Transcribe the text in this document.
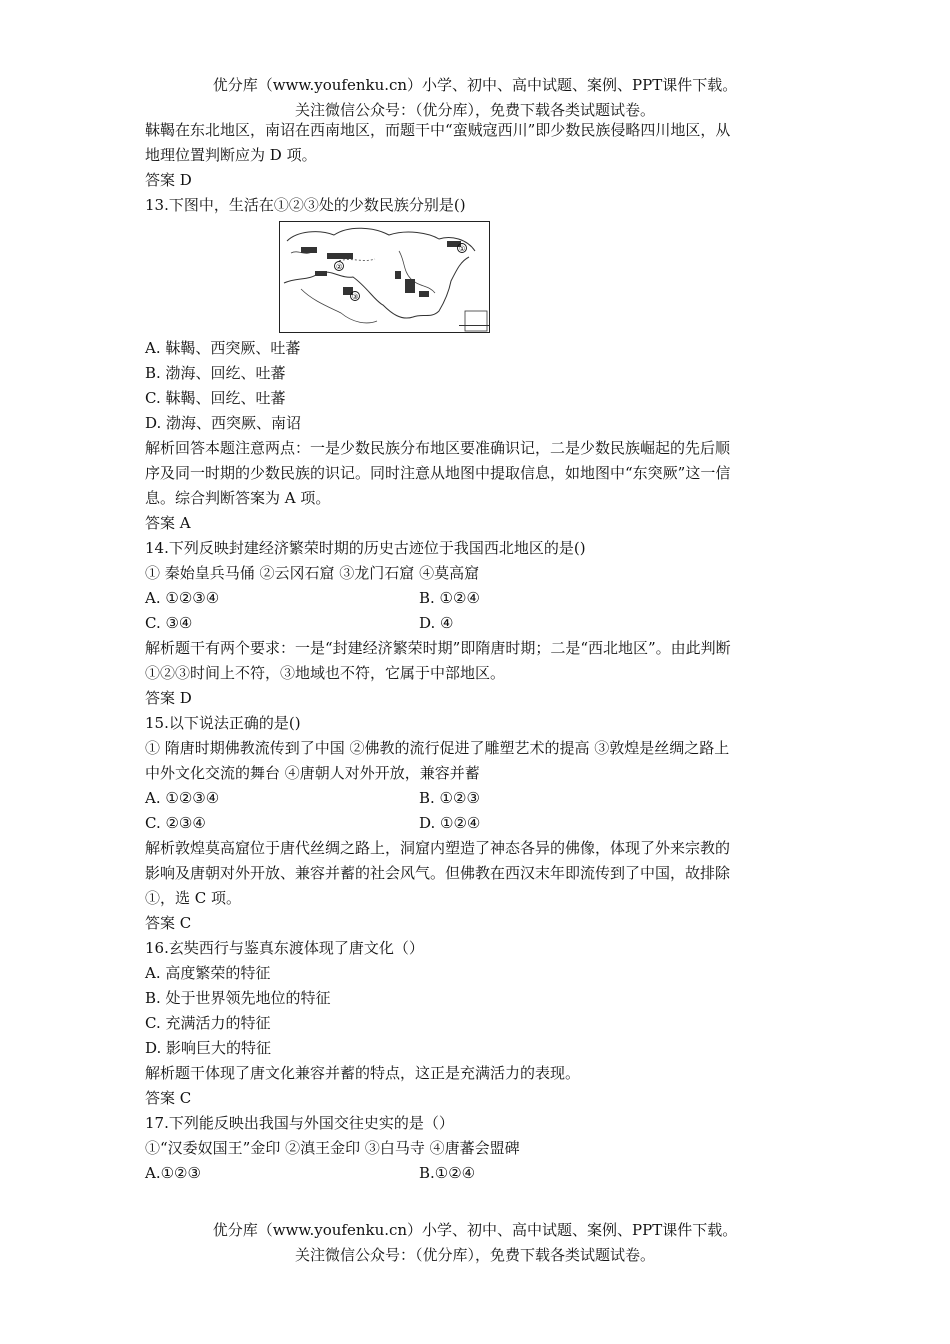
优分库（www.youfenku.cn）小学、初中、高中试题、案例、PPT课件下载。
关注微信公众号：（优分库），免费下载各类试题试卷。

靺鞨在东北地区，南诏在西南地区，而题干中“蛮贼寇西川”即少数民族侵略四川地区，从

地理位置判断应为 D 项。

答案 D

13.下图中，生活在①②③处的少数民族分别是()

①
②
③

A. 靺鞨、西突厥、吐蕃

B. 渤海、回纥、吐蕃

C. 靺鞨、回纥、吐蕃

D. 渤海、西突厥、南诏

解析回答本题注意两点：一是少数民族分布地区要准确识记，二是少数民族崛起的先后顺

序及同一时期的少数民族的识记。同时注意从地图中提取信息，如地图中“东突厥”这一信

息。综合判断答案为 A 项。

答案 A

14.下列反映封建经济繁荣时期的历史古迹位于我国西北地区的是()

① 秦始皇兵马俑 ②云冈石窟 ③龙门石窟 ④莫高窟

A. ①②③④	B. ①②④
C. ③④	D. ④

解析题干有两个要求：一是“封建经济繁荣时期”即隋唐时期；二是“西北地区”。由此判断

①②③时间上不符，③地域也不符，它属于中部地区。

答案 D

15.以下说法正确的是()

① 隋唐时期佛教流传到了中国 ②佛教的流行促进了雕塑艺术的提高 ③敦煌是丝绸之路上

中外文化交流的舞台 ④唐朝人对外开放，兼容并蓄

A. ①②③④	B. ①②③
C. ②③④	D. ①②④

解析敦煌莫高窟位于唐代丝绸之路上，洞窟内塑造了神态各异的佛像，体现了外来宗教的

影响及唐朝对外开放、兼容并蓄的社会风气。但佛教在西汉末年即流传到了中国，故排除

①，选 C 项。

答案 C

16.玄奘西行与鉴真东渡体现了唐文化（）

A. 高度繁荣的特征

B. 处于世界领先地位的特征

C. 充满活力的特征

D. 影响巨大的特征

解析题干体现了唐文化兼容并蓄的特点，这正是充满活力的表现。

答案 C

17.下列能反映出我国与外国交往史实的是（）

①“汉委奴国王”金印 ②滇王金印 ③白马寺 ④唐蕃会盟碑

A.①②③	B.①②④
优分库（www.youfenku.cn）小学、初中、高中试题、案例、PPT课件下载。
关注微信公众号：（优分库），免费下载各类试题试卷。
